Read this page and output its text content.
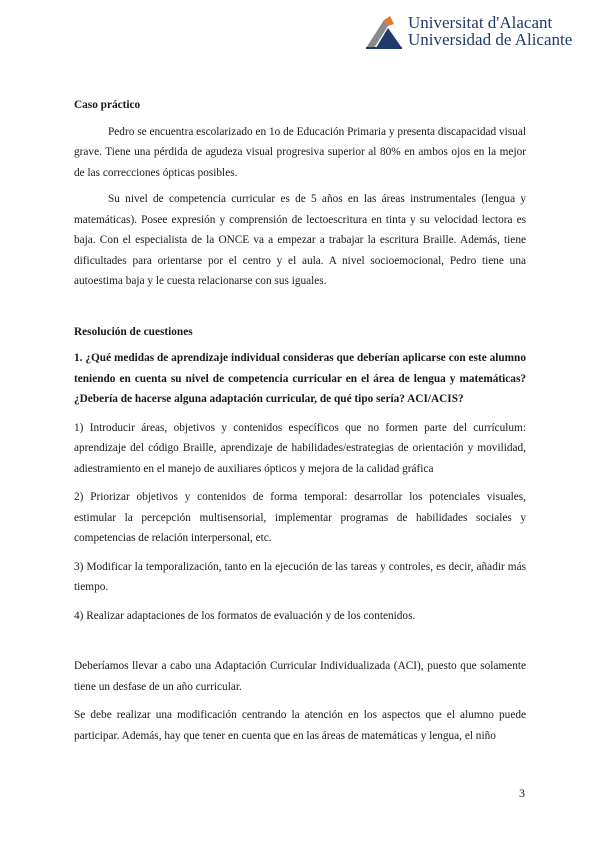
Universitat d'Alacant
Universidad de Alicante
Caso práctico

Pedro se encuentra escolarizado en 1o de Educación Primaria y presenta discapacidad visual grave. Tiene una pérdida de agudeza visual progresiva superior al 80% en ambos ojos en la mejor de las correcciones ópticas posibles.

Su nivel de competencia curricular es de 5 años en las áreas instrumentales (lengua y matemáticas). Posee expresión y comprensión de lectoescritura en tinta y su velocidad lectora es baja. Con el especialista de la ONCE va a empezar a trabajar la escritura Braille. Además, tiene dificultades para orientarse por el centro y el aula. A nivel socioemocional, Pedro tiene una autoestima baja y le cuesta relacionarse con sus iguales.

Resolución de cuestiones

1. ¿Qué medidas de aprendizaje individual consideras que deberían aplicarse con este alumno teniendo en cuenta su nivel de competencia curricular en el área de lengua y matemáticas? ¿Debería de hacerse alguna adaptación curricular, de qué tipo sería? ACI/ACIS?

1) Introducir áreas, objetivos y contenidos específicos que no formen parte del currículum: aprendizaje del código Braille, aprendizaje de habilidades/estrategias de orientación y movilidad, adiestramiento en el manejo de auxiliares ópticos y mejora de la calidad gráfica

2) Priorizar objetivos y contenidos de forma temporal: desarrollar los potenciales visuales, estimular la percepción multisensorial, implementar programas de habilidades sociales y competencias de relación interpersonal, etc.

3) Modificar la temporalización, tanto en la ejecución de las tareas y controles, es decir, añadir más tiempo.

4) Realizar adaptaciones de los formatos de evaluación y de los contenidos.

Deberíamos llevar a cabo una Adaptación Curricular Individualizada (ACI), puesto que solamente tiene un desfase de un año curricular.

Se debe realizar una modificación centrando la atención en los aspectos que el alumno puede participar. Además, hay que tener en cuenta que en las áreas de matemáticas y lengua, el niño

3
